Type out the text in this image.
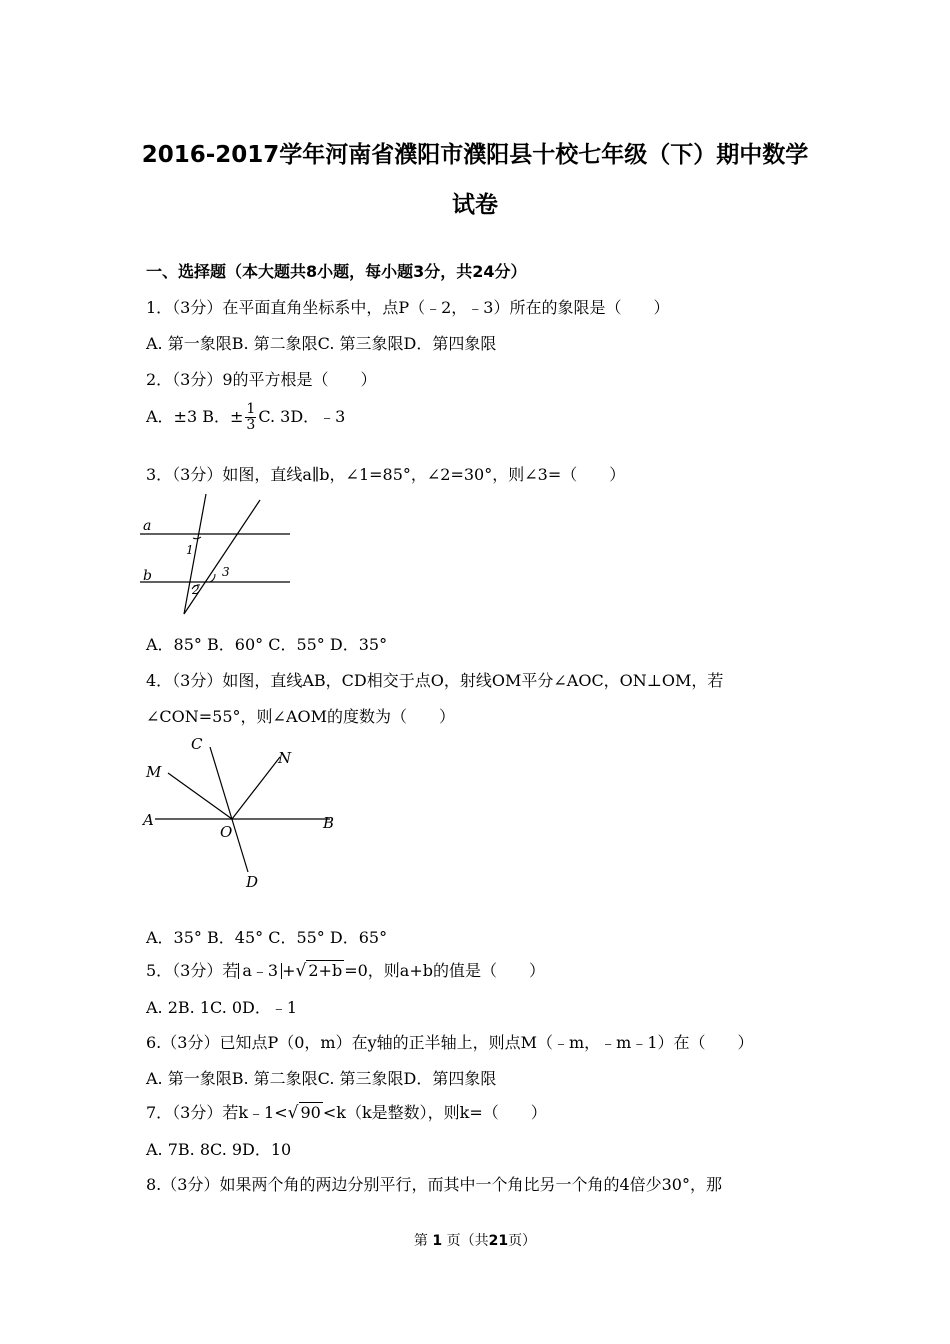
2016-2017学年河南省濮阳市濮阳县十校七年级（下）期中数学
试卷
一、选择题（本大题共8小题，每小题3分，共24分）
1．（3分）在平面直角坐标系中，点P（﹣2，﹣3）所在的象限是（　　）
A. 第一象限B. 第二象限C. 第三象限D．第四象限
2．（3分）9的平方根是（　　）
A．±3 B．± $\frac{1}{3} C$. 3D．﹣3
3．（3分）如图，直线a∥b，∠1=85°，∠2=30°，则∠3=（　　）
a
b
1
2
3
A．85° B．60° C．55° D．35°
4．（3分）如图，直线AB，CD相交于点O，射线OM平分∠AOC，ON⊥OM，若
∠CON=55°，则∠AOM的度数为（　　）
C
M
N
A
O	B
D
A．35° B．45° C．55° D．65°
5．（3分）若 a﹣3 +√ 2+b =0，则a+b的值是（　　）
A. 2B. 1C. 0D．﹣1
6.（3分）已知点P（0，m）在y轴的正半轴上，则点M（﹣m，﹣m﹣1）在（　　）
A. 第一象限B. 第二象限C. 第三象限D．第四象限
7．（3分）若k﹣1<√ 90 <k（k是整数），则k=（　　）
A. 7B. 8C. 9D．10
8.（3分）如果两个角的两边分别平行，而其中一个角比另一个角的4倍少30°，那
第 1 页（共21页）
